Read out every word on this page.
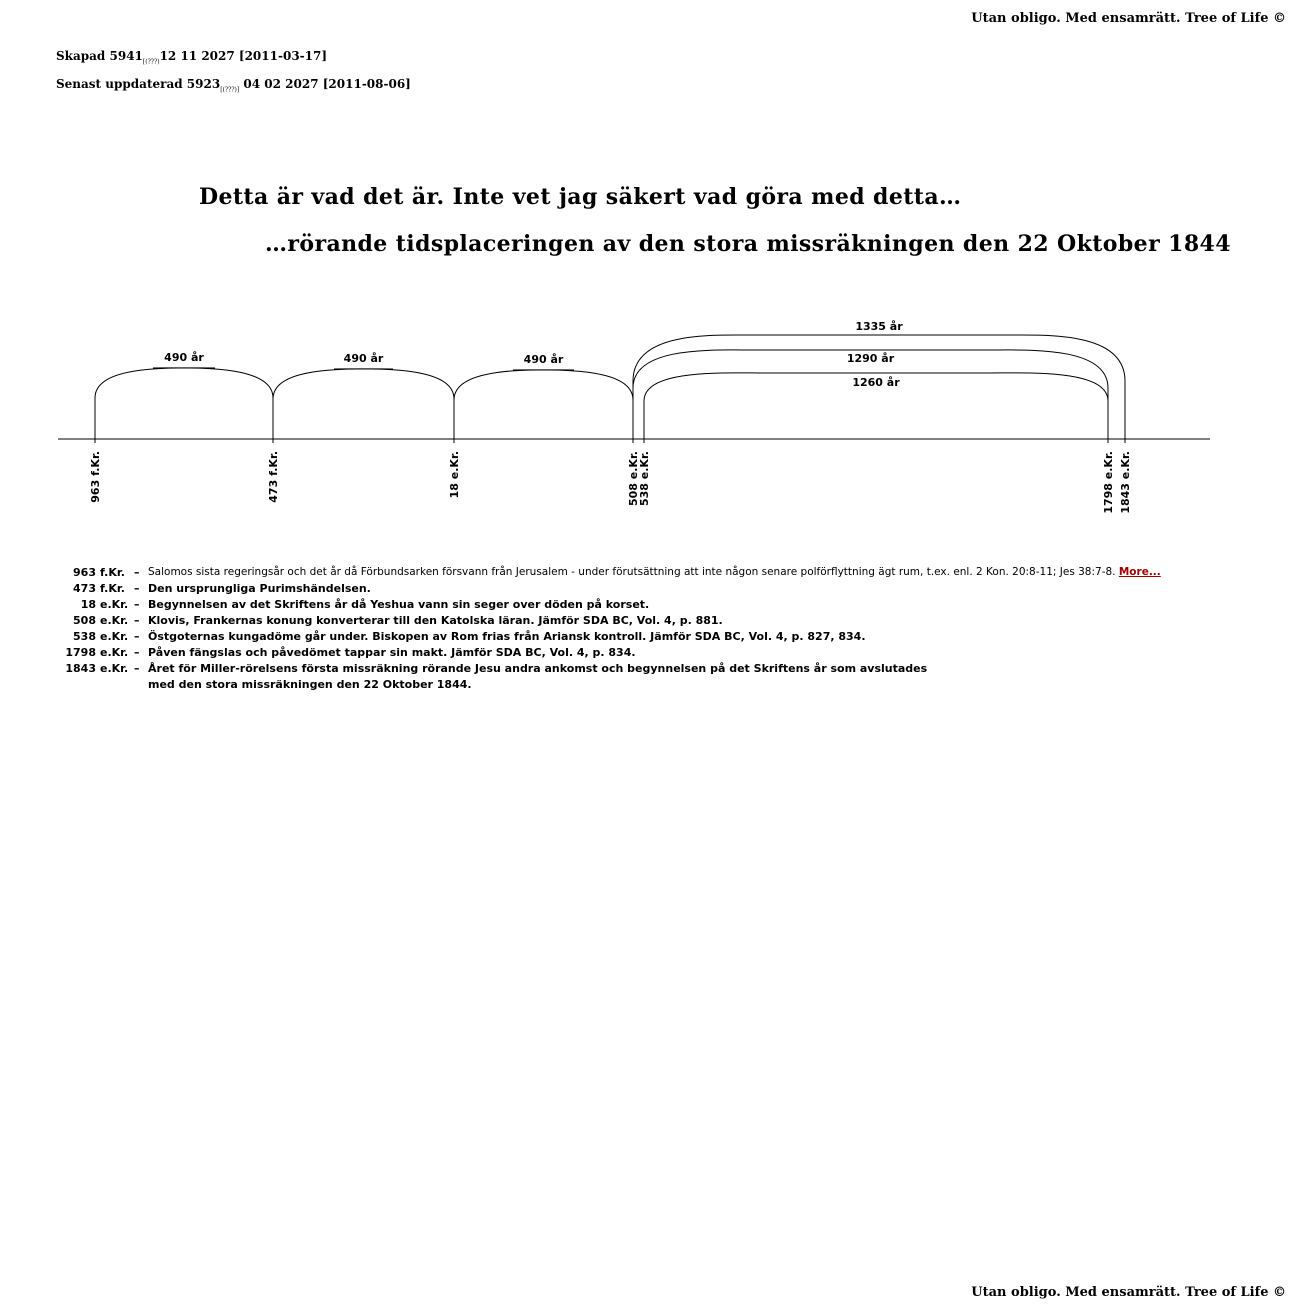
Utan obligo. Med ensamrätt. Tree of Life ©
Skapad $5941_{[(???)}12$ 11 2027 [2011-03-17]
Senast uppdaterad $5923_{[(???)]}$ 04 02 2027 [2011-08-06]
Detta är vad det är. Inte vet jag säkert vad göra med detta…
…rörande tidsplaceringen av den stora missräkningen den 22 Oktober 1844
490 år	490 år	490 år
1335 år
1290 år
1260 år
963 f.Kr.	473 f.Kr.	18 e.Kr.	508 e.Kr.
538 e.Kr.	1798 e.Kr. 1843 e.Kr.
963 f.Kr. – Salomos sista regeringsår och det år då Förbundsarken försvann från Jerusalem - under förutsättning att inte någon senare polförflyttning ägt rum, t.ex. enl. 2 Kon. 20:8-11; Jes 38:7-8. More...
473 f.Kr. – Den ursprungliga Purimshändelsen.
18 e.Kr. – Begynnelsen av det Skriftens år då Yeshua vann sin seger over döden på korset.
508 e.Kr. – Klovis, Frankernas konung konverterar till den Katolska läran. Jämför SDA BC, Vol. 4, p. 881.
538 e.Kr. – Östgoternas kungadöme går under. Biskopen av Rom frias från Ariansk kontroll. Jämför SDA BC, Vol. 4, p. 827, 834.
1798 e.Kr. – Påven fängslas och påvedömet tappar sin makt. Jämför SDA BC, Vol. 4, p. 834.
1843 e.Kr. – Året för Miller-rörelsens första missräkning rörande Jesu andra ankomst och begynnelsen på det Skriftens år som avslutades
med den stora missräkningen den 22 Oktober 1844.
Utan obligo. Med ensamrätt. Tree of Life ©
